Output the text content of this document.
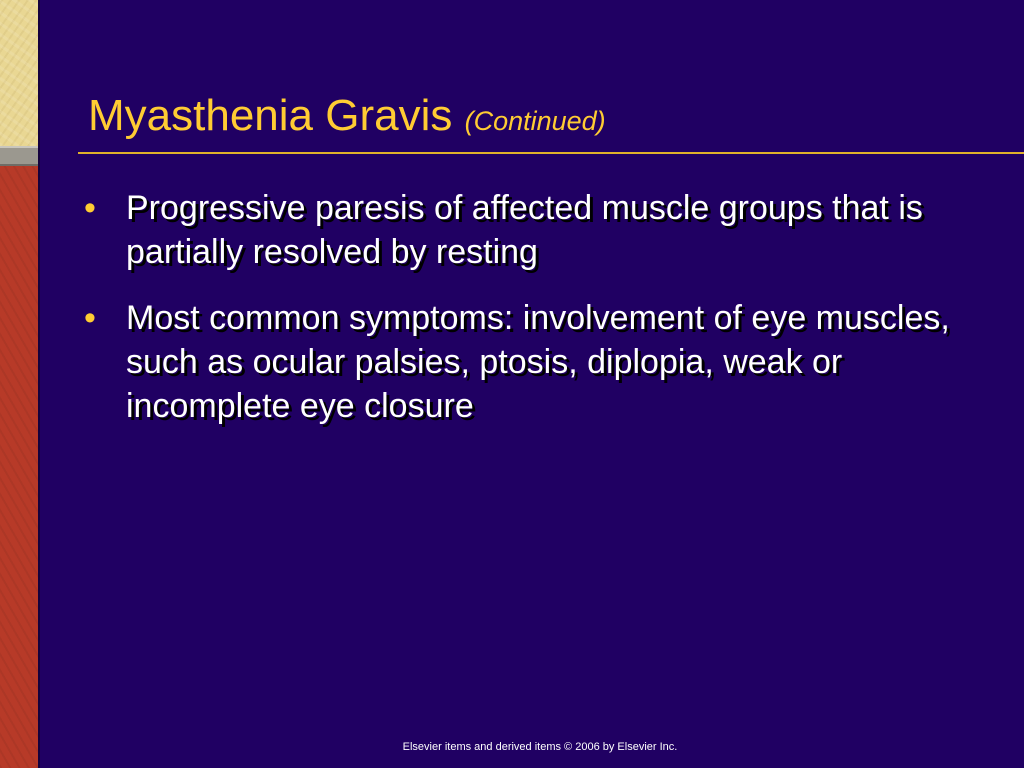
Myasthenia Gravis (Continued)
• Progressive paresis of affected muscle groups that is partially resolved by resting
• Most common symptoms: involvement of eye muscles, such as ocular palsies, ptosis, diplopia, weak or incomplete eye closure
Elsevier items and derived items © 2006 by Elsevier Inc.
